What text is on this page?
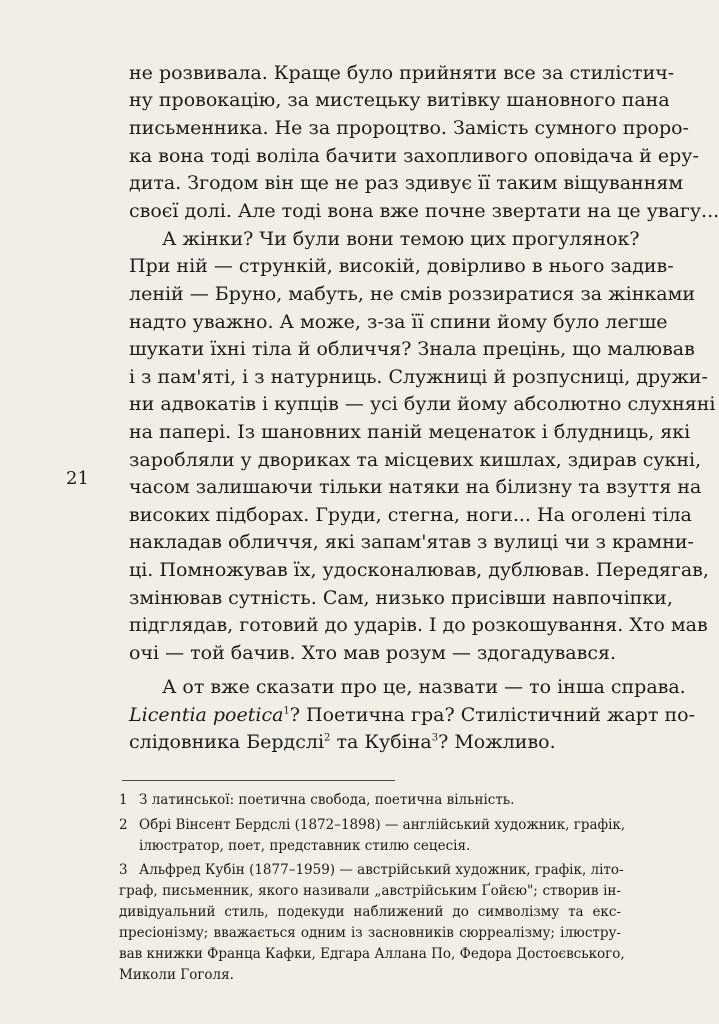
не розвивала. Краще було прийняти все за стилістич-
ну провокацію, за мистецьку витівку шановного пана
письменника. Не за пророцтво. Замість сумного проро-
ка вона тоді воліла бачити захопливого оповідача й еру-
дита. Згодом він ще не раз здивує її таким віщуванням
своєї долі. Але тоді вона вже почне звертати на це увагу...
А жінки? Чи були вони темою цих прогулянок?
При ній — стрункій, високій, довірливо в нього задив-
леній — Бруно, мабуть, не смів роззиратися за жінками
надто уважно. А може, з-за її спини йому було легше
шукати їхні тіла й обличчя? Знала прецінь, що малював
і з пам'яті, і з натурниць. Служниці й розпусниці, дружи-
ни адвокатів і купців — усі були йому абсолютно слухняні
на папері. Із шановних паній меценаток і блудниць, які
заробляли у двориках та місцевих кишлах, здирав сукні,
часом залишаючи тільки натяки на білизну та взуття на
високих підборах. Груди, стегна, ноги... На оголені тіла
накладав обличчя, які запам'ятав з вулиці чи з крамни-
ці. Помножував їх, удосконалював, дублював. Передягав,
змінював сутність. Сам, низько присівши навпочіпки,
підглядав, готовий до ударів. І до розкошування. Хто мав
очі — той бачив. Хто мав розум — здогадувався.
А от вже сказати про це, назвати — то інша справа.
Licentia poetica$^1$? Поетична гра? Стилістичний жарт по-
слідовника Бердслі$^2$ та Кубіна$^3$? Можливо.
21
1 З латинської: поетична свобода, поетична вільність.
2 Обрі Вінсент Бердслі (1872–1898) — англійський художник, графік,
ілюстратор, поет, представник стилю сецесія.
3 Альфред Кубін (1877–1959) — австрійський художник, графік, літо-
граф, письменник, якого називали „австрійським Ґойєю"; створив ін-
дивідуальний стиль, подекуди наближений до символізму та екс-
пресіонізму; вважається одним із засновників сюрреалізму; ілюстру-
вав книжки Франца Кафки, Едгара Аллана По, Федора Достоєвського,
Миколи Гоголя.
